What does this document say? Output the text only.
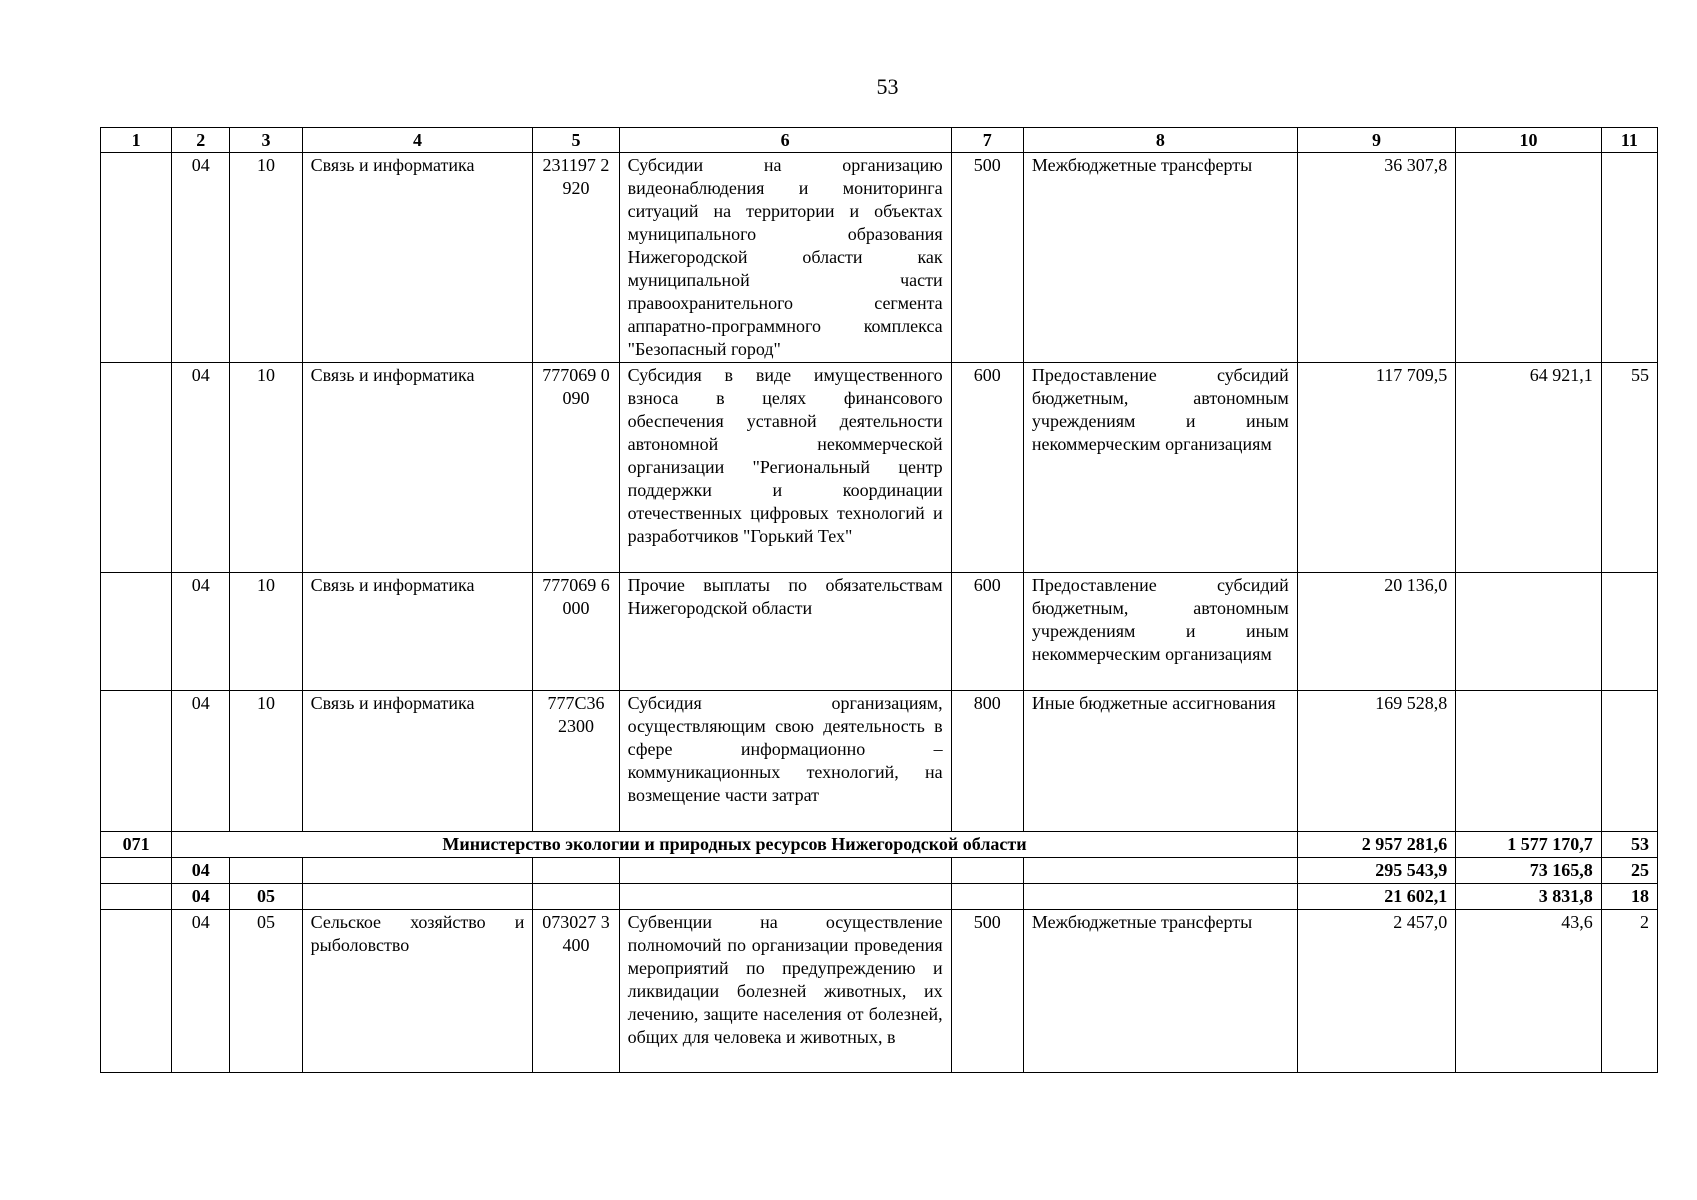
53
1	2	3	4	5	6	7	8	9	10	11
	04	10	Связь и информатика	231197 2920	Субсидии на организацию видеонаблюдения и мониторинга ситуаций на территории и объектах муниципального образования Нижегородской области как муниципальной части правоохранительного сегмента аппаратно-программного комплекса "Безопасный город"	500	Межбюджетные трансферты	36 307,8		
	04	10	Связь и информатика	777069 0090	Субсидия в виде имущественного взноса в целях финансового обеспечения уставной деятельности автономной некоммерческой организации "Региональный центр поддержки и координации отечественных цифровых технологий и разработчиков "Горький Тех"	600	Предоставление субсидий бюджетным, автономным учреждениям и иным некоммерческим организациям	117 709,5	64 921,1	55
	04	10	Связь и информатика	777069 6000	Прочие выплаты по обязательствам Нижегородской области	600	Предоставление субсидий бюджетным, автономным учреждениям и иным некоммерческим организациям	20 136,0		
	04	10	Связь и информатика	777С36 2300	Субсидия организациям, осуществляющим свою деятельность в сфере информационно – коммуникационных технологий, на возмещение части затрат	800	Иные бюджетные ассигнования	169 528,8		
071	Министерство экологии и природных ресурсов Нижегородской области							2 957 281,6	1 577 170,7	53
	04							295 543,9	73 165,8	25
	04	05						21 602,1	3 831,8	18
	04	05	Сельское хозяйство и рыболовство	073027 3400	Субвенции на осуществление полномочий по организации проведения мероприятий по предупреждению и ликвидации болезней животных, их лечению, защите населения от болезней, общих для человека и животных, в	500	Межбюджетные трансферты	2 457,0	43,6	2
